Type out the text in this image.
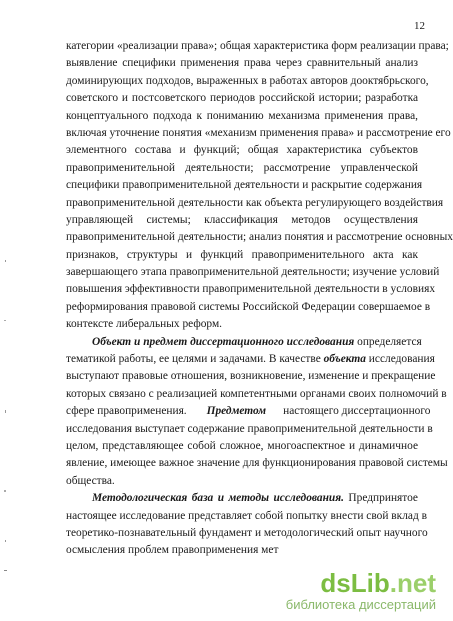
12

категории «реализации права»; общая характеристика форм реализации права;
выявление специфики применения права через сравнительный анализ
доминирующих подходов, выраженных в работах авторов дооктябрьского,
советского и постсоветского периодов российской истории; разработка
концептуального подхода к пониманию механизма применения права,
включая уточнение понятия «механизм применения права» и рассмотрение его
элементного состава и функций; общая характеристика субъектов
правоприменительной деятельности; рассмотрение управленческой
специфики правоприменительной деятельности и раскрытие содержания
правоприменительной деятельности как объекта регулирующего воздействия
управляющей системы; классификация методов осуществления
правоприменительной деятельности; анализ понятия и рассмотрение основных
признаков, структуры и функций правоприменительного акта как
завершающего этапа правоприменительной деятельности; изучение условий
повышения эффективности правоприменительной деятельности в условиях
реформирования правовой системы Российской Федерации совершаемое в
контексте либеральных реформ.

Объект и предмет диссертационного исследования определяется
тематикой работы, ее целями и задачами. В качестве объекта исследования
выступают правовые отношения, возникновение, изменение и прекращение
которых связано с реализацией компетентными органами своих полномочий в
сфере правоприменения. Предметом настоящего диссертационного
исследования выступает содержание правоприменительной деятельности в
целом, представляющее собой сложное, многоаспектное и динамичное
явление, имеющее важное значение для функционирования правовой системы
общества.

Методологическая база и методы исследования. Предпринятое
настоящее исследование представляет собой попытку внести свой вклад в
теоретико-познавательный фундамент и методологический опыт научного
осмысления проблем правоприменения мет

dsLib.net
библиотека диссертаций
